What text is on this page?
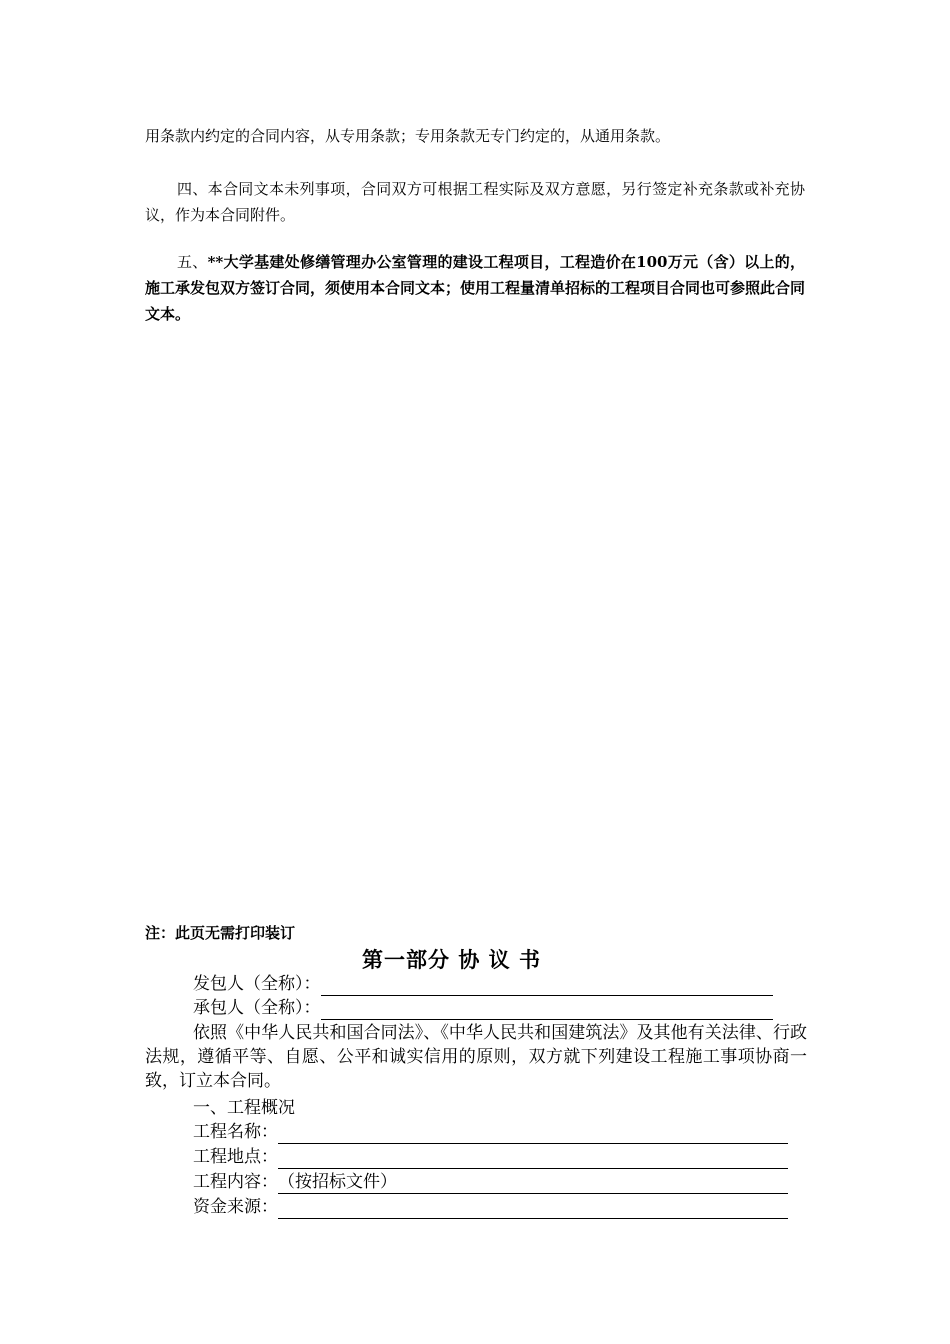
用条款内约定的合同内容，从专用条款；专用条款无专门约定的，从通用条款。
四、本合同文本未列事项，合同双方可根据工程实际及双方意愿，另行签定补充条款或补充协议，作为本合同附件。
五、**大学基建处修缮管理办公室管理的建设工程项目，工程造价在100万元（含）以上的，施工承发包双方签订合同，须使用本合同文本；使用工程量清单招标的工程项目合同也可参照此合同文本。
注：此页无需打印装订
第一部分 协 议 书
发包人（全称）：
承包人（全称）：
依照《中华人民共和国合同法》、《中华人民共和国建筑法》及其他有关法律、行政法规，遵循平等、自愿、公平和诚实信用的原则，双方就下列建设工程施工事项协商一致，订立本合同。
一、工程概况
工程名称：
工程地点：
工程内容： （按招标文件）
资金来源：
